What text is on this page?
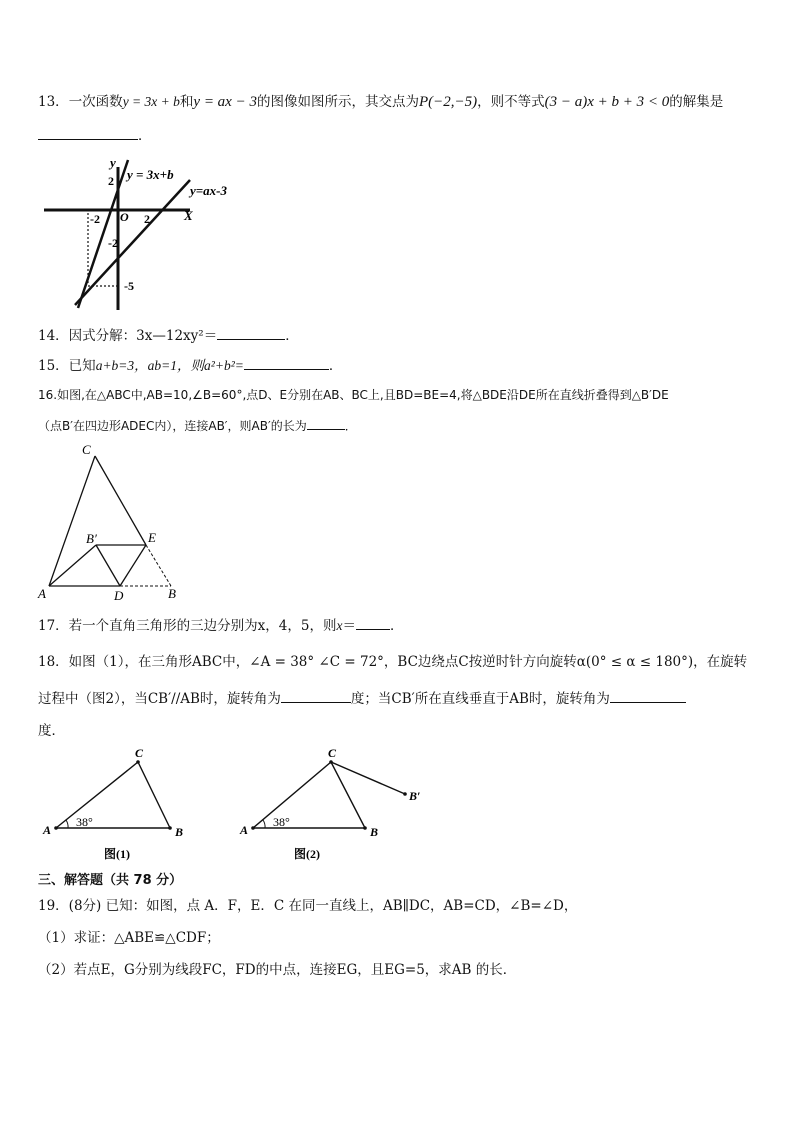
13．一次函数y = 3x + b和y = ax − 3的图像如图所示，其交点为P(−2,−5)，则不等式(3 − a)x + b + 3 < 0的解集是
．
y
X
O
2
-2	2
-2
-5
y = 3x+b
y=ax-3
14．因式分解：3x—12xy²＝	．
15．已知a+b=3，ab=1，则a²+b²=	．
16.如图,在△ABC中,AB=10,∠B=60°,点D、E分别在AB、BC上,且BD=BE=4,将△BDE沿DE所在直线折叠得到△B′DE
（点B′在四边形ADEC内），连接AB′，则AB′的长为	．
C
E
B′
A	D	B
17．若一个直角三角形的三边分别为x，4，5，则x＝	．
18．如图（1），在三角形ABC中，∠A = 38° ∠C = 72°，BC边绕点C按逆时针方向旋转α(0° ≤ α ≤ 180°)，在旋转
过程中（图2），当CB′//AB时，旋转角为	度；当CB′所在直线垂直于AB时，旋转角为
度．
C
A	B
38°
图(1)
C
A	B
B′
38°
图(2)
三、解答题（共 78 分）
19．(8分) 已知：如图，点 A．F，E．C 在同一直线上，AB∥DC，AB=CD，∠B=∠D，
（1）求证：△ABE≌△CDF；
（2）若点E，G分别为线段FC，FD的中点，连接EG，且EG=5，求AB 的长．
